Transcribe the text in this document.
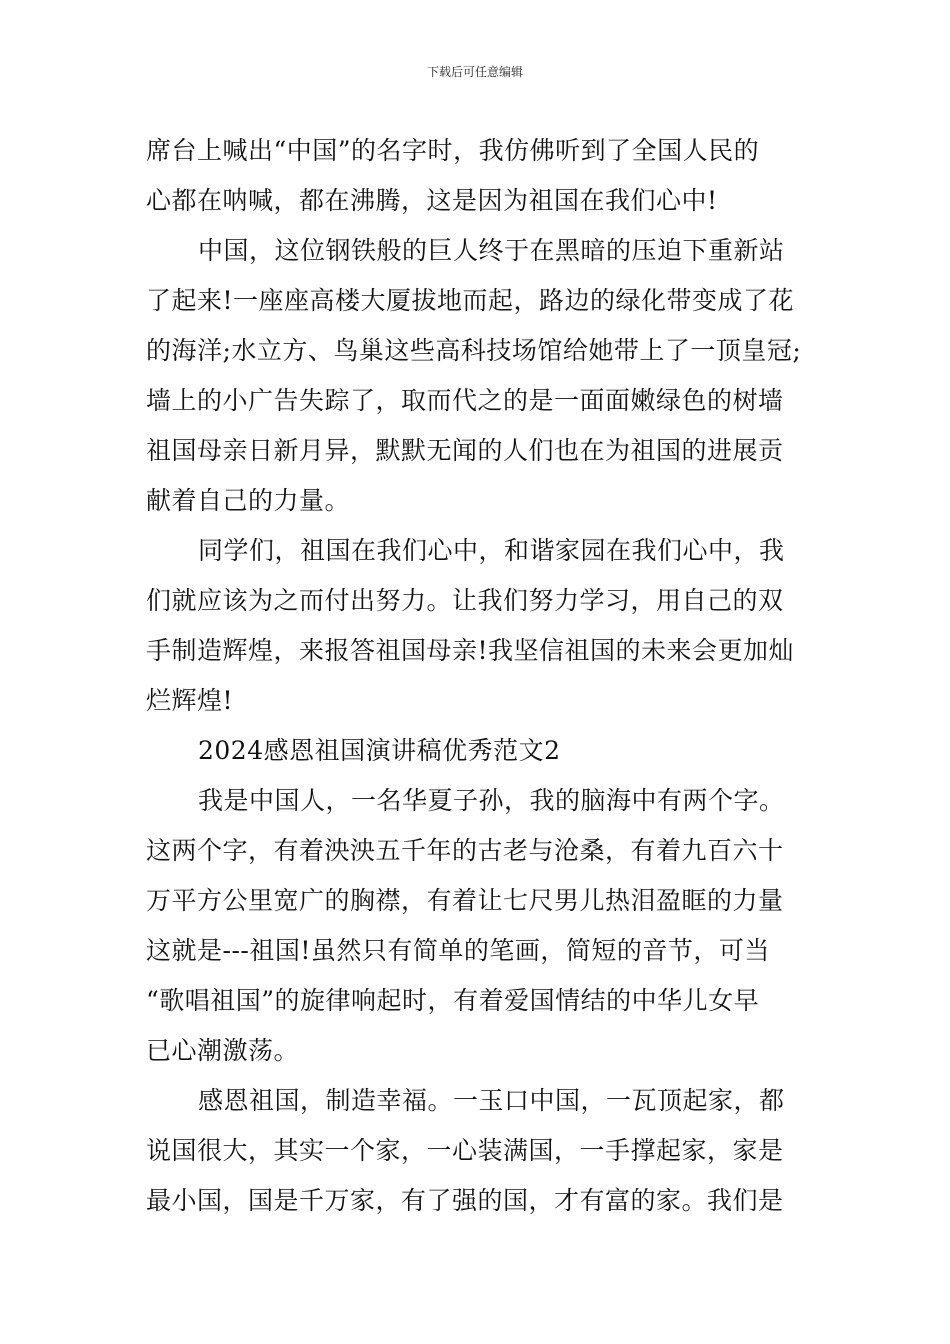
下载后可任意编辑
席台上喊出“中国”的名字时，我仿佛听到了全国人民的
心都在呐喊，都在沸腾，这是因为祖国在我们心中!
中国，这位钢铁般的巨人终于在黑暗的压迫下重新站
了起来!一座座高楼大厦拔地而起，路边的绿化带变成了花
的海洋;水立方、鸟巢这些高科技场馆给她带上了一顶皇冠;
墙上的小广告失踪了，取而代之的是一面面嫩绿色的树墙
祖国母亲日新月异，默默无闻的人们也在为祖国的进展贡
献着自己的力量。
同学们，祖国在我们心中，和谐家园在我们心中，我
们就应该为之而付出努力。让我们努力学习，用自己的双
手制造辉煌，来报答祖国母亲!我坚信祖国的未来会更加灿
烂辉煌!
2024感恩祖国演讲稿优秀范文2
我是中国人，一名华夏子孙，我的脑海中有两个字。
这两个字，有着泱泱五千年的古老与沧桑，有着九百六十
万平方公里宽广的胸襟，有着让七尺男儿热泪盈眶的力量
这就是---祖国!虽然只有简单的笔画，简短的音节，可当
“歌唱祖国”的旋律响起时，有着爱国情结的中华儿女早
已心潮激荡。
感恩祖国，制造幸福。一玉口中国，一瓦顶起家，都
说国很大，其实一个家，一心装满国，一手撑起家，家是
最小国，国是千万家，有了强的国，才有富的家。我们是
